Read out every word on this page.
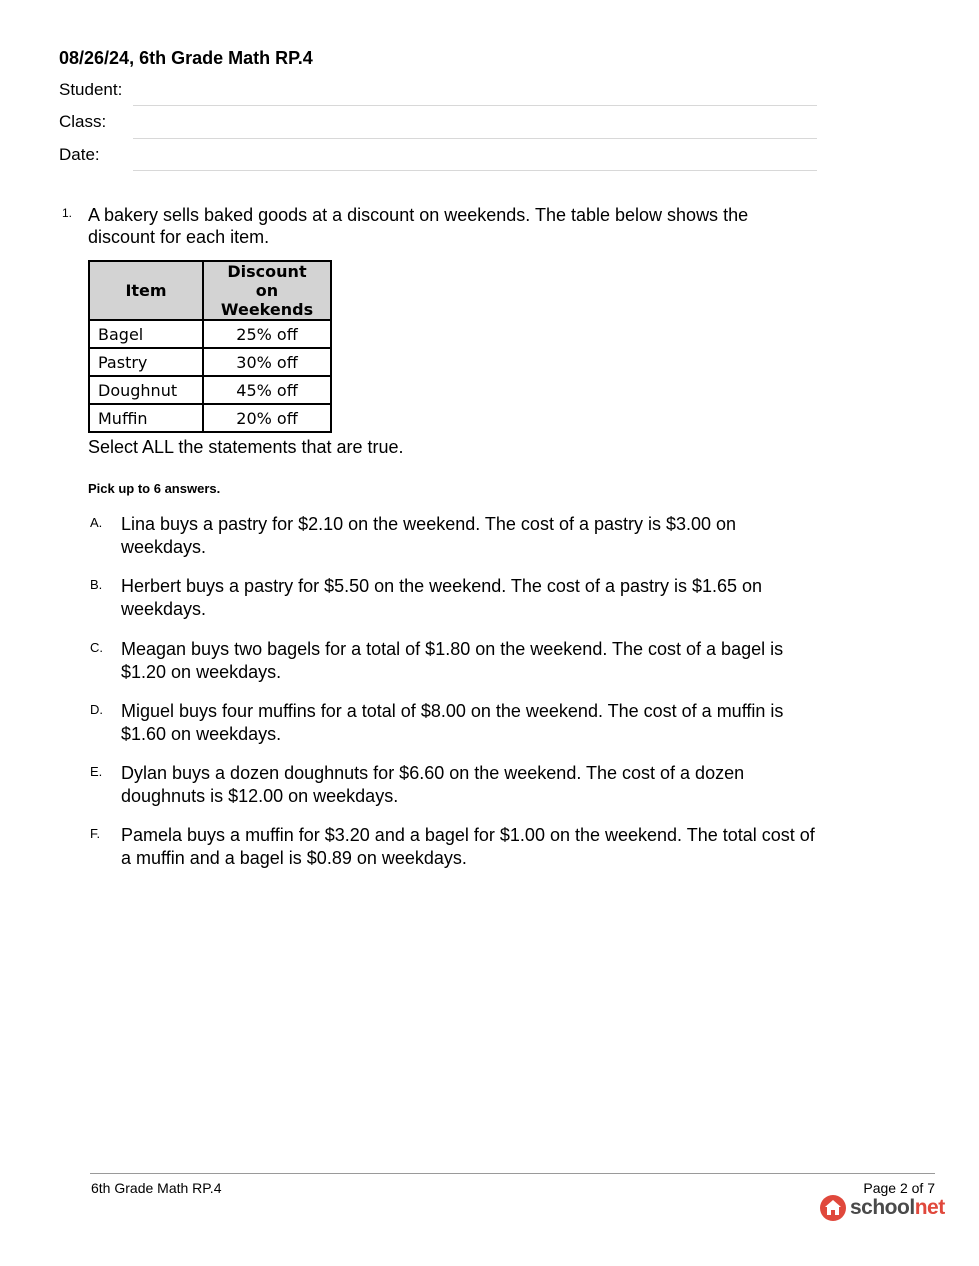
08/26/24, 6th Grade Math RP.4
Student:
Class:
Date:
1. A bakery sells baked goods at a discount on weekends. The table below shows the discount for each item.
Item	Discount on Weekends
Bagel	25% off
Pastry	30% off
Doughnut	45% off
Muffin	20% off
Select ALL the statements that are true.
Pick up to 6 answers.
A. Lina buys a pastry for $2.10 on the weekend. The cost of a pastry is $3.00 on weekdays.
B. Herbert buys a pastry for $5.50 on the weekend. The cost of a pastry is $1.65 on weekdays.
C. Meagan buys two bagels for a total of $1.80 on the weekend. The cost of a bagel is $1.20 on weekdays.
D. Miguel buys four muffins for a total of $8.00 on the weekend. The cost of a muffin is $1.60 on weekdays.
E. Dylan buys a dozen doughnuts for $6.60 on the weekend. The cost of a dozen doughnuts is $12.00 on weekdays.
F. Pamela buys a muffin for $3.20 and a bagel for $1.00 on the weekend. The total cost of a muffin and a bagel is $0.89 on weekdays.
6th Grade Math RP.4	Page 2 of 7
schoolnet
